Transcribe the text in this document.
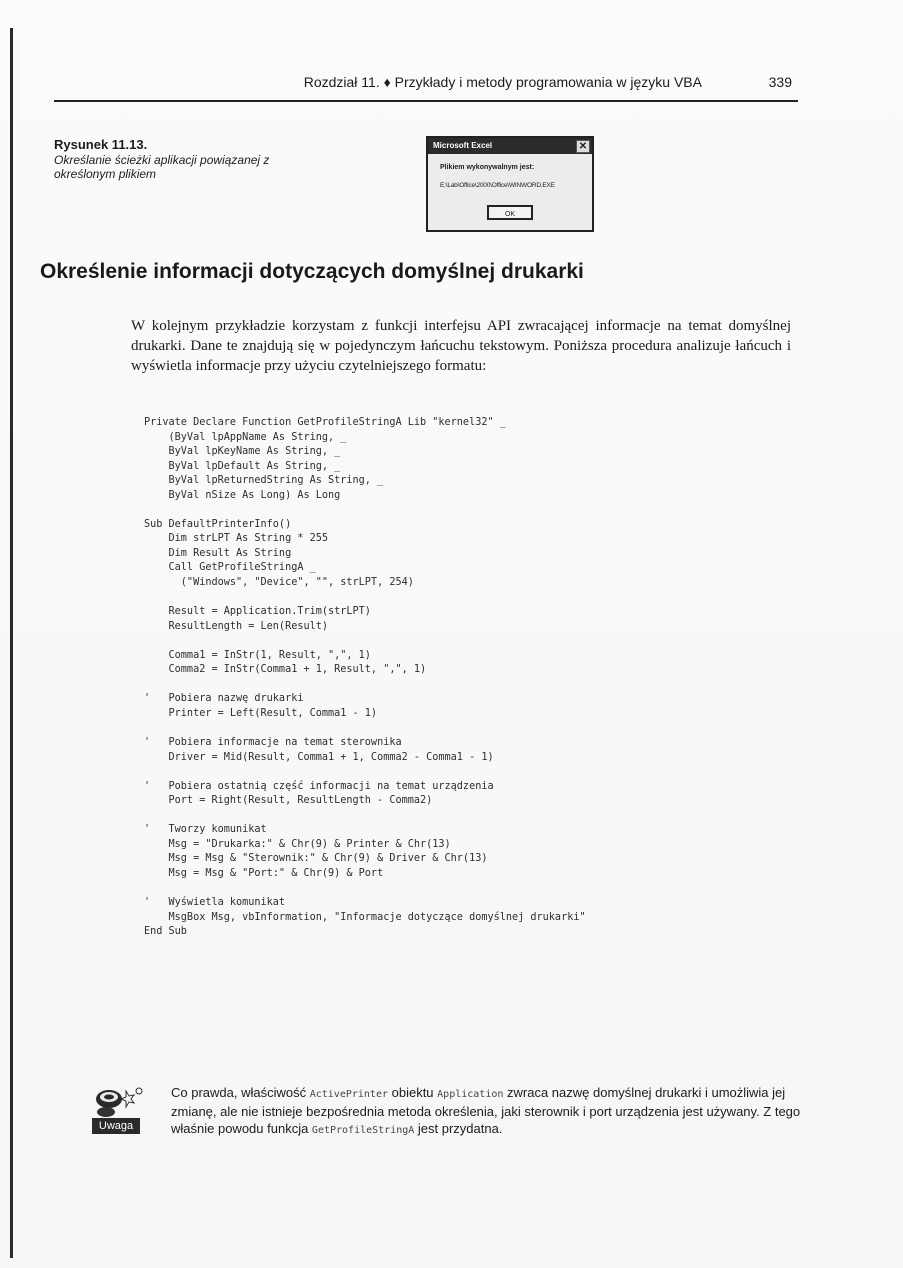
Rozdział 11. ♦ Przykłady i metody programowania w języku VBA	339
Rysunek 11.13.
Określanie ścieżki aplikacji powiązanej z określonym plikiem
Microsoft Excel	✕
Plikiem wykonywalnym jest:
E:\Lab\Office\2000\Office\WINWORD.EXE
OK
Określenie informacji dotyczących domyślnej drukarki

W kolejnym przykładzie korzystam z funkcji interfejsu API zwracającej informacje na temat domyślnej drukarki. Dane te znajdują się w pojedynczym łańcuchu tekstowym. Poniższa procedura analizuje łańcuch i wyświetla informacje przy użyciu czytelniejszego formatu:

Private Declare Function GetProfileStringA Lib "kernel32" _
(ByVal lpAppName As String, _
ByVal lpKeyName As String, _
ByVal lpDefault As String, _
ByVal lpReturnedString As String, _
ByVal nSize As Long) As Long

Sub DefaultPrinterInfo()
Dim strLPT As String * 255
Dim Result As String
Call GetProfileStringA _
("Windows", "Device", "", strLPT, 254)

Result = Application.Trim(strLPT)
ResultLength = Len(Result)

Comma1 = InStr(1, Result, ",", 1)
Comma2 = InStr(Comma1 + 1, Result, ",", 1)

'   Pobiera nazwę drukarki
Printer = Left(Result, Comma1 - 1)

'   Pobiera informacje na temat sterownika
Driver = Mid(Result, Comma1 + 1, Comma2 - Comma1 - 1)

'   Pobiera ostatnią część informacji na temat urządzenia
Port = Right(Result, ResultLength - Comma2)

'   Tworzy komunikat
Msg = "Drukarka:" & Chr(9) & Printer & Chr(13)
Msg = Msg & "Sterownik:" & Chr(9) & Driver & Chr(13)
Msg = Msg & "Port:" & Chr(9) & Port

'   Wyświetla komunikat
MsgBox Msg, vbInformation, "Informacje dotyczące domyślnej drukarki"
End Sub
Uwaga

Co prawda, właściwość ActivePrinter obiektu Application zwraca nazwę domyślnej drukarki i umożliwia jej zmianę, ale nie istnieje bezpośrednia metoda określenia, jaki sterownik i port urządzenia jest używany. Z tego właśnie powodu funkcja GetProfileStringA jest przydatna.
